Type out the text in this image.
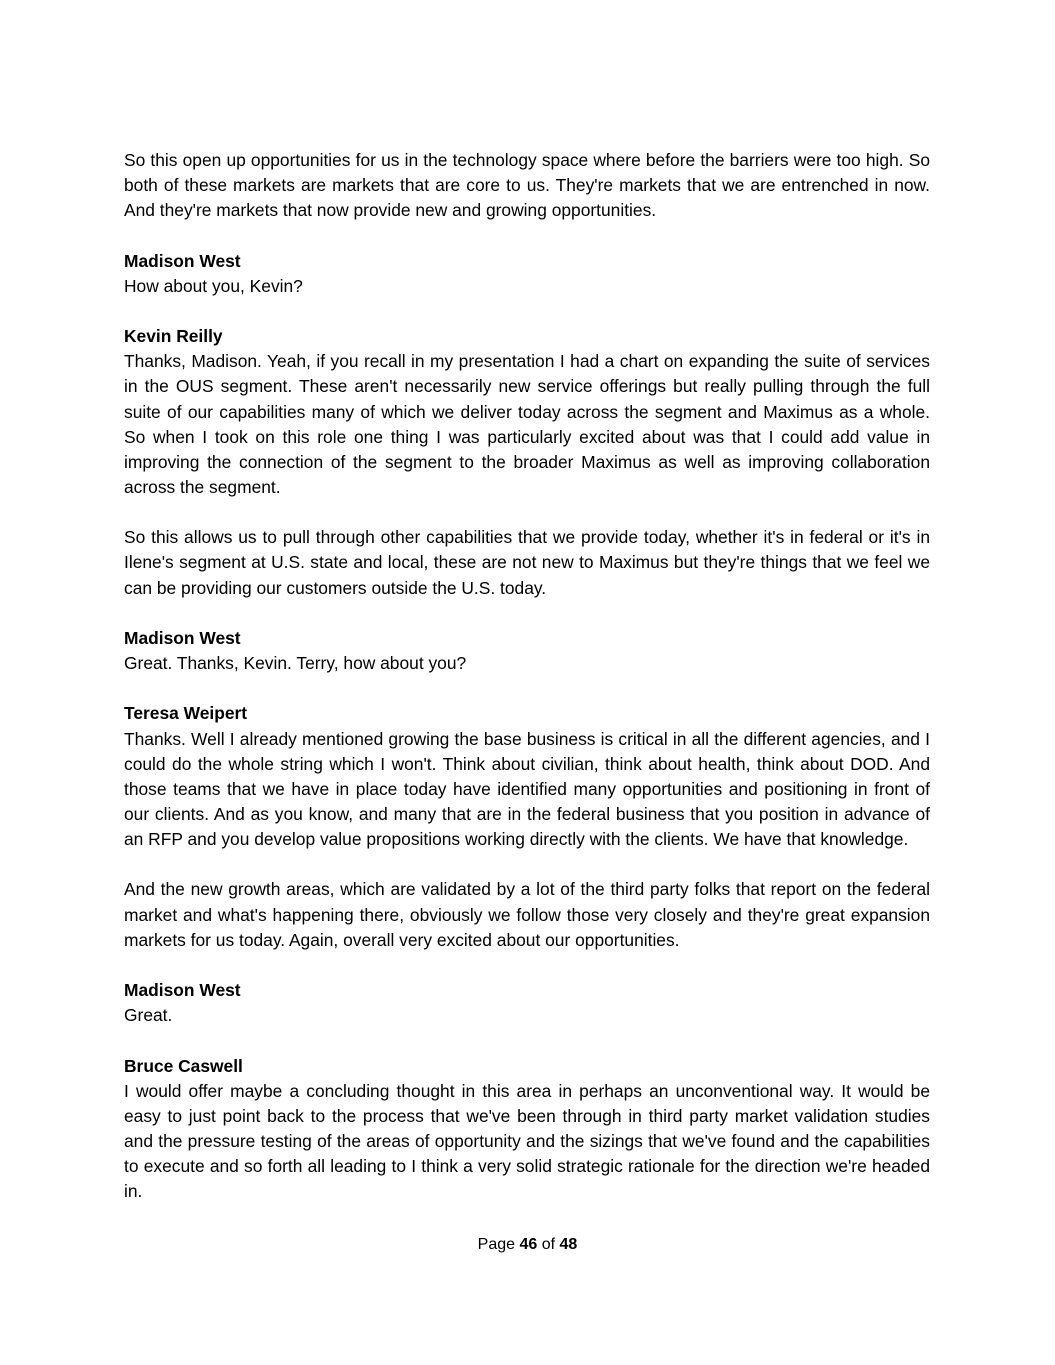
So this open up opportunities for us in the technology space where before the barriers were too high. So both of these markets are markets that are core to us. They're markets that we are entrenched in now. And they're markets that now provide new and growing opportunities.

Madison West

How about you, Kevin?

Kevin Reilly

Thanks, Madison. Yeah, if you recall in my presentation I had a chart on expanding the suite of services in the OUS segment. These aren't necessarily new service offerings but really pulling through the full suite of our capabilities many of which we deliver today across the segment and Maximus as a whole. So when I took on this role one thing I was particularly excited about was that I could add value in improving the connection of the segment to the broader Maximus as well as improving collaboration across the segment.

So this allows us to pull through other capabilities that we provide today, whether it's in federal or it's in Ilene's segment at U.S. state and local, these are not new to Maximus but they're things that we feel we can be providing our customers outside the U.S. today.

Madison West

Great. Thanks, Kevin. Terry, how about you?

Teresa Weipert

Thanks. Well I already mentioned growing the base business is critical in all the different agencies, and I could do the whole string which I won't. Think about civilian, think about health, think about DOD. And those teams that we have in place today have identified many opportunities and positioning in front of our clients. And as you know, and many that are in the federal business that you position in advance of an RFP and you develop value propositions working directly with the clients. We have that knowledge.

And the new growth areas, which are validated by a lot of the third party folks that report on the federal market and what's happening there, obviously we follow those very closely and they're great expansion markets for us today. Again, overall very excited about our opportunities.

Madison West

Great.

Bruce Caswell

I would offer maybe a concluding thought in this area in perhaps an unconventional way. It would be easy to just point back to the process that we've been through in third party market validation studies and the pressure testing of the areas of opportunity and the sizings that we've found and the capabilities to execute and so forth all leading to I think a very solid strategic rationale for the direction we're headed in.

Page 46 of 48
